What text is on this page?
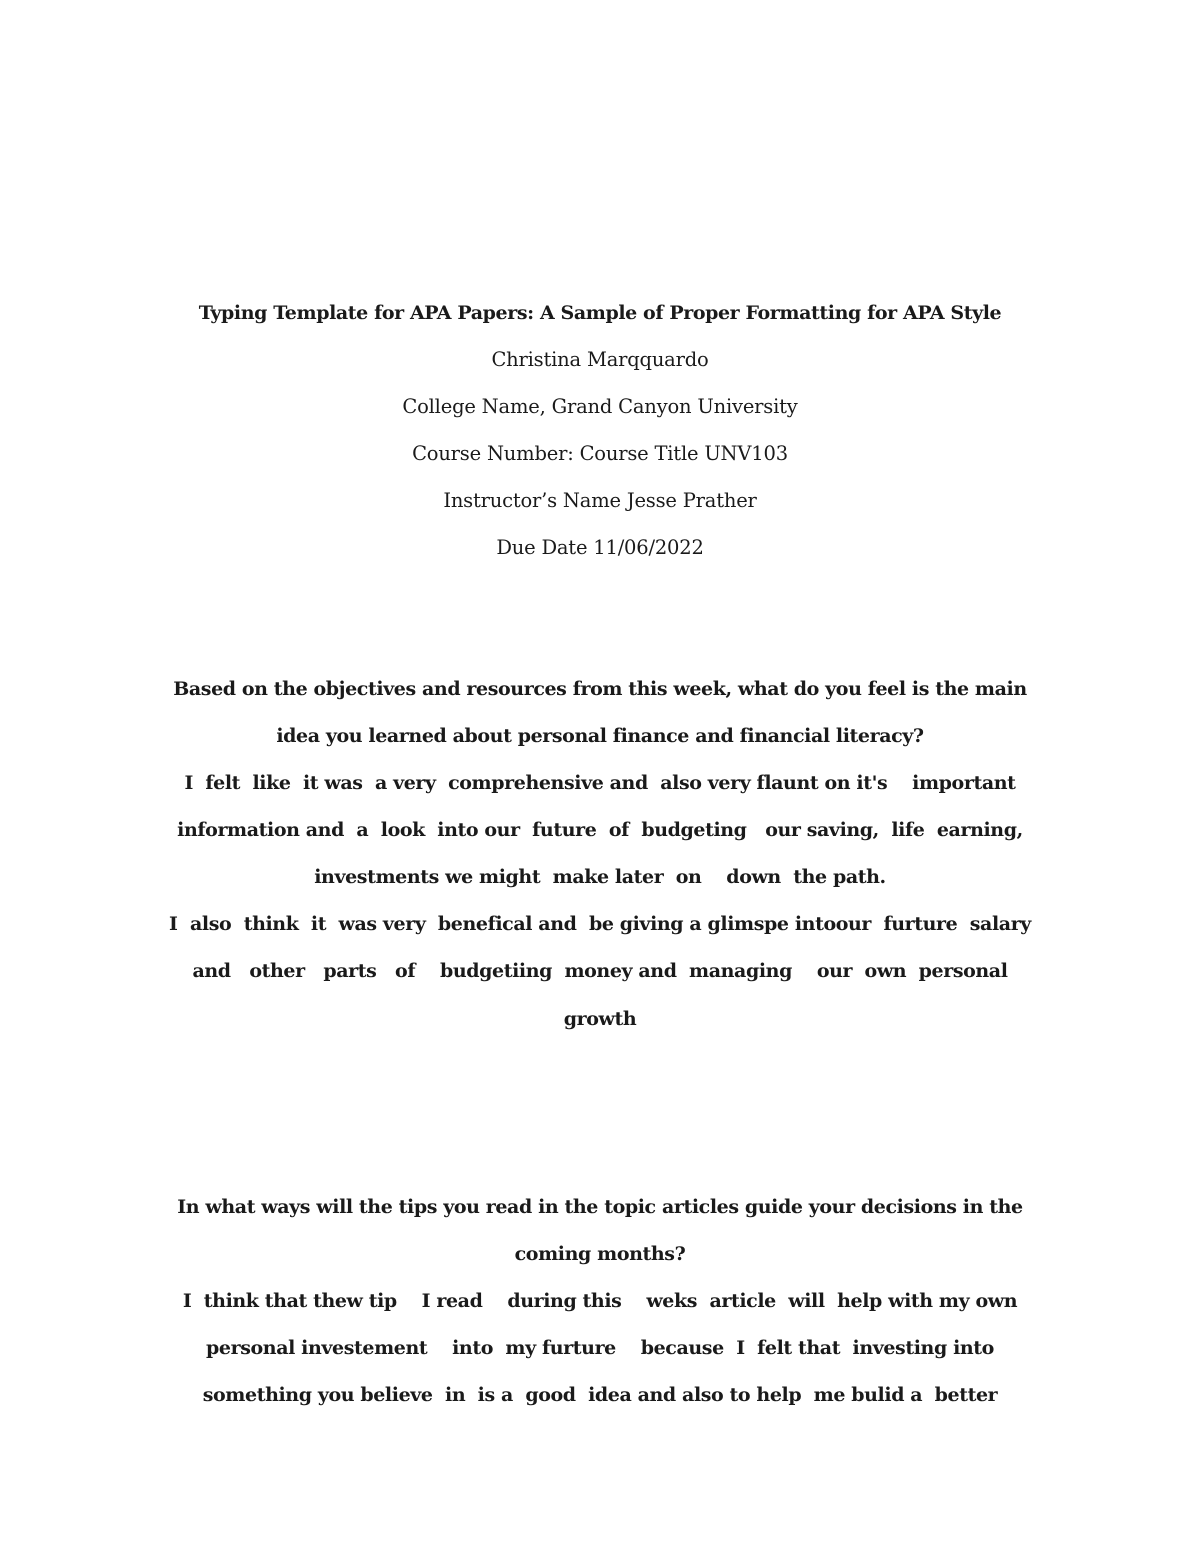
Typing Template for APA Papers: A Sample of Proper Formatting for APA Style
Christina Marqquardo
College Name, Grand Canyon University
Course Number: Course Title UNV103
Instructor’s Name Jesse Prather
Due Date 11/06/2022
Based on the objectives and resources from this week, what do you feel is the main
idea you learned about personal finance and financial literacy?
I  felt  like  it was  a very  comprehensive and  also very flaunt on it's    important
information and  a  look  into our  future  of  budgeting   our saving,  life  earning,
investments we might  make later  on    down  the path.
I  also  think  it  was very  benefical and  be giving a glimspe intoour  furture  salary
and   other   parts   of    budgetiing  money and  managing    our  own  personal
growth
In what ways will the tips you read in the topic articles guide your decisions in the
coming months?
I  think that thew tip    I read    during this    weks  article  will  help with my own
personal investement    into  my furture    because  I  felt that  investing into
something you believe  in  is a  good  idea and also to help  me bulid a  better
